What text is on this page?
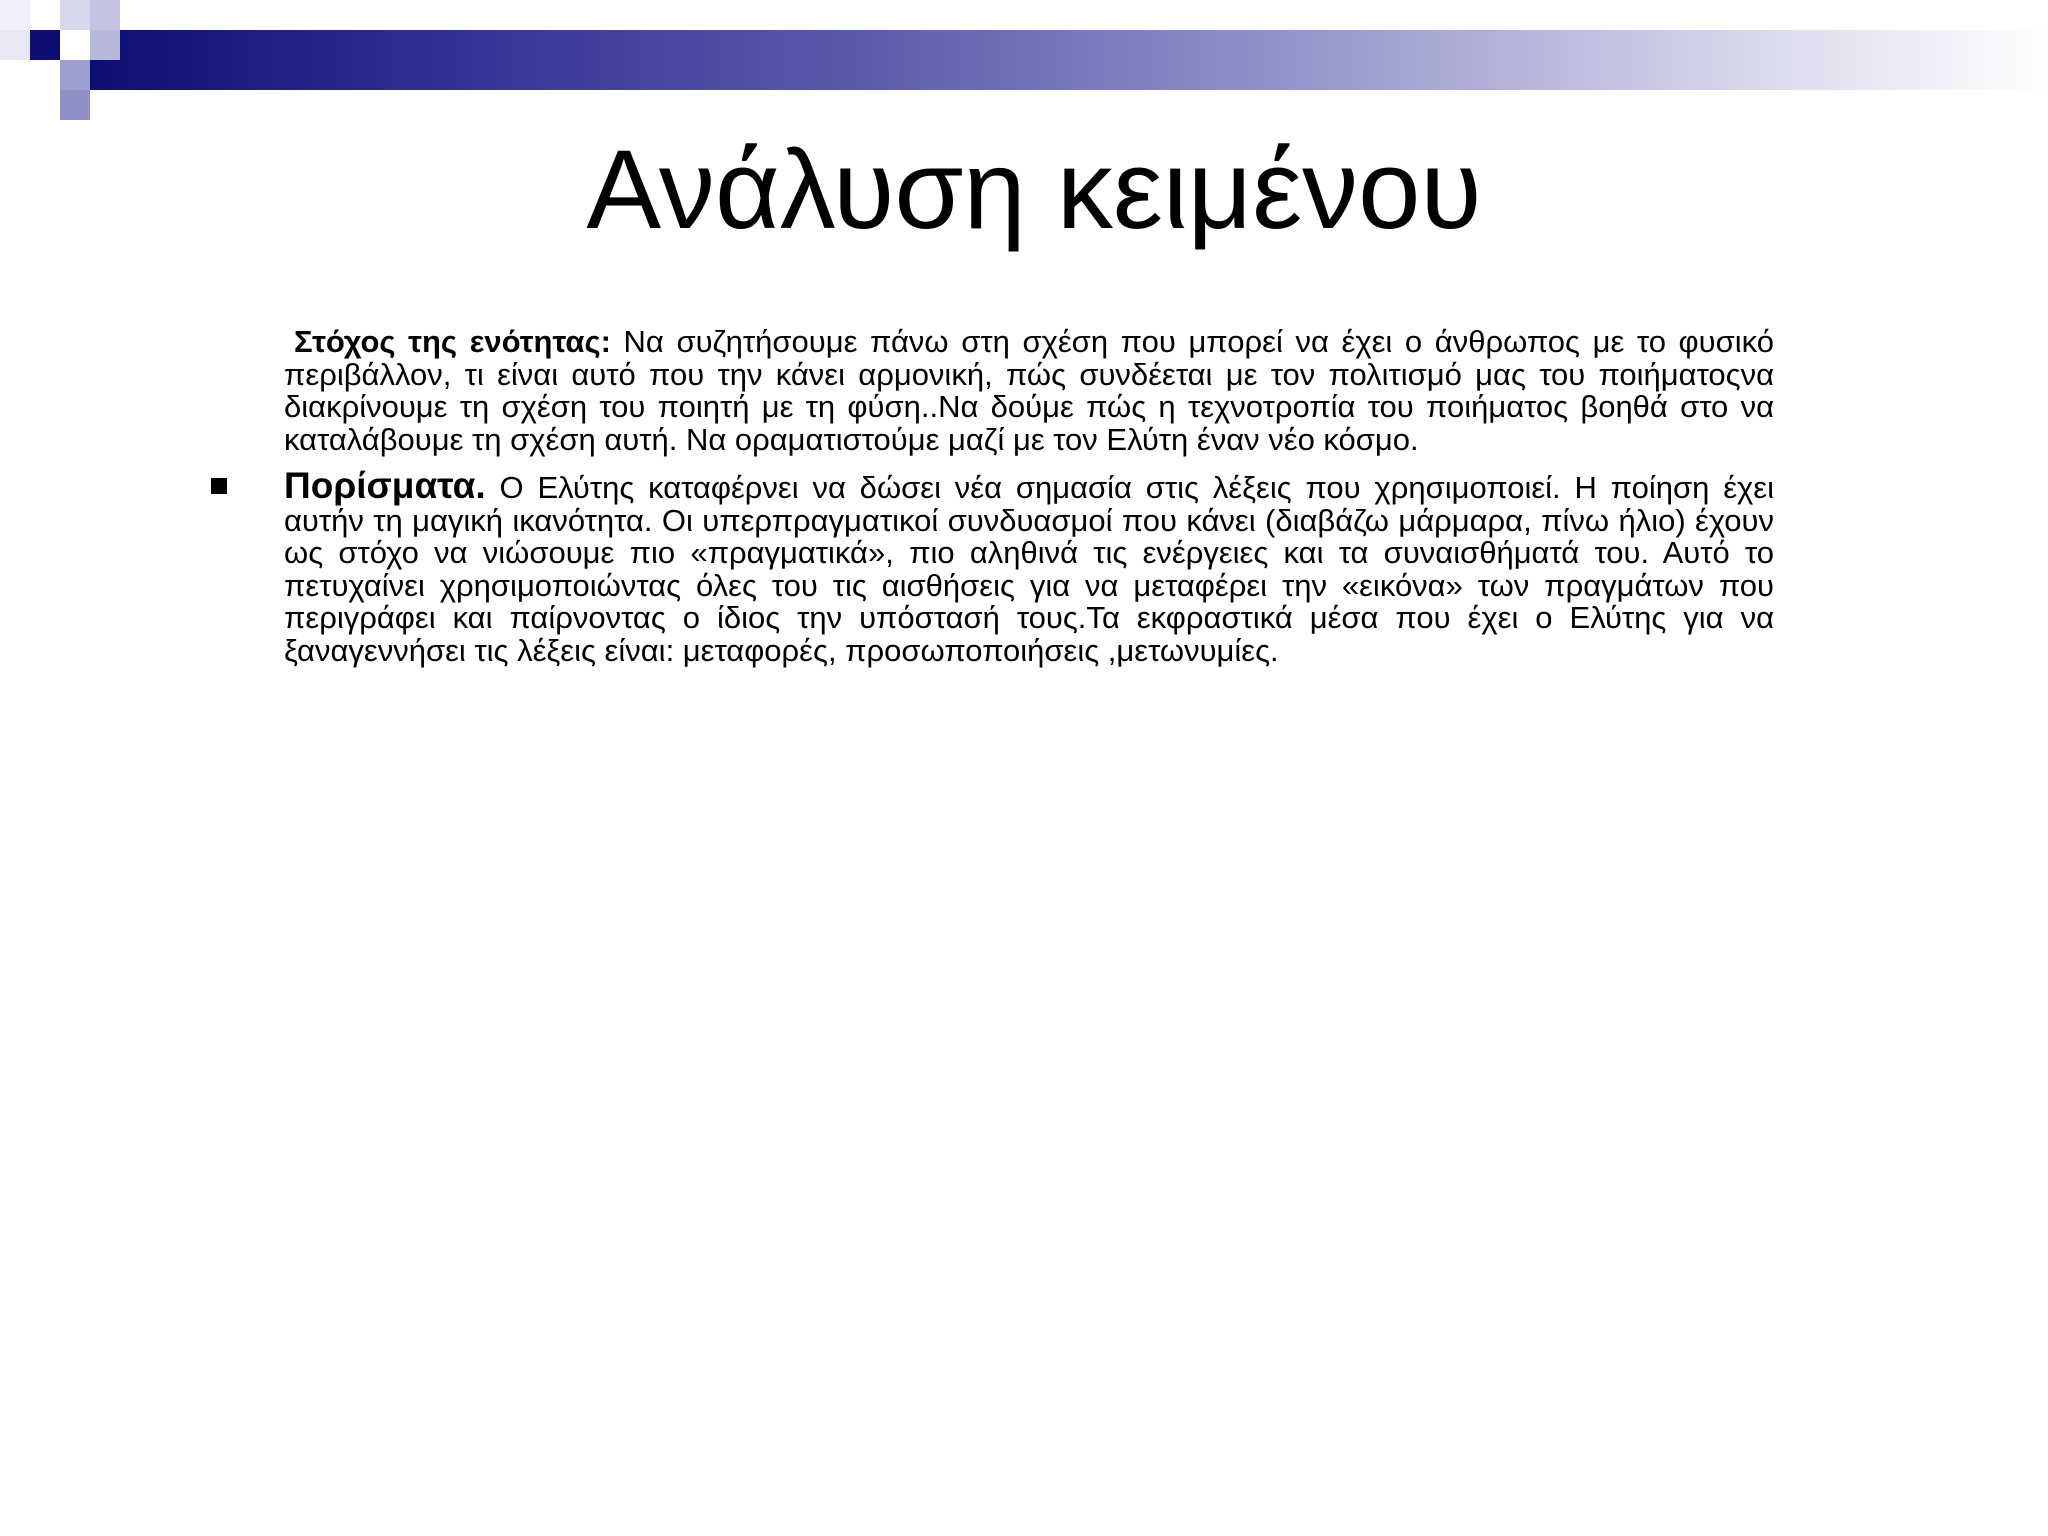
Ανάλυση κειμένου

Στόχος της ενότητας: Να συζητήσουμε πάνω στη σχέση που μπορεί να έχει ο άνθρωπος με το φυσικό περιβάλλον, τι είναι αυτό που την κάνει αρμονική, πώς συνδέεται με τον πολιτισμό μας του ποιήματοςνα διακρίνουμε τη σχέση του ποιητή με τη φύση..Να δούμε πώς η τεχνοτροπία του ποιήματος βοηθά στο να καταλάβουμε τη σχέση αυτή. Να οραματιστούμε μαζί με τον Ελύτη έναν νέο κόσμο.

Πορίσματα. Ο Ελύτης καταφέρνει να δώσει νέα σημασία στις λέξεις που χρησιμοποιεί. Η ποίηση έχει αυτήν τη μαγική ικανότητα. Οι υπερπραγματικοί συνδυασμοί που κάνει (διαβάζω μάρμαρα, πίνω ήλιο) έχουν ως στόχο να νιώσουμε πιο «πραγματικά», πιο αληθινά τις ενέργειες και τα συναισθήματά του. Αυτό το πετυχαίνει χρησιμοποιώντας όλες του τις αισθήσεις για να μεταφέρει την «εικόνα» των πραγμάτων που περιγράφει και παίρνοντας ο ίδιος την υπόστασή τους.Τα εκφραστικά μέσα που έχει ο Ελύτης για να ξαναγεννήσει τις λέξεις είναι: μεταφορές, προσωποποιήσεις ,μετωνυμίες.
